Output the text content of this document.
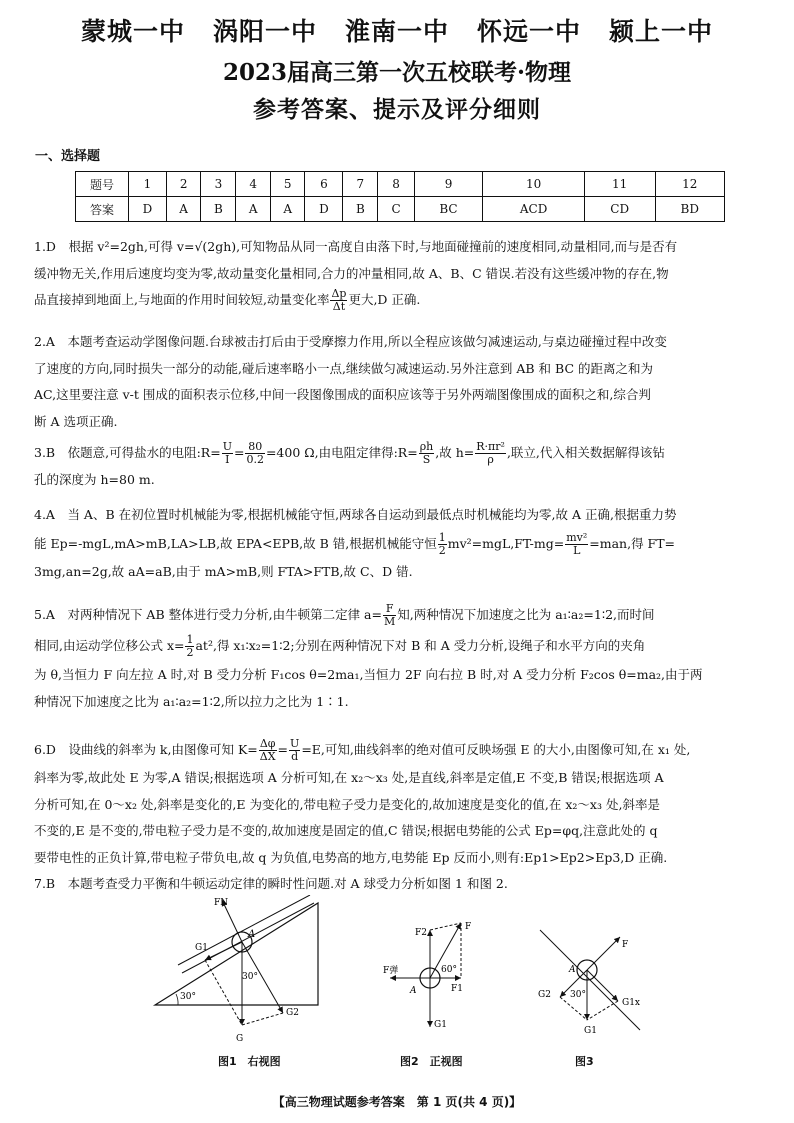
蒙城一中 涡阳一中 淮南一中 怀远一中 颍上一中
2023届高三第一次五校联考·物理
参考答案、提示及评分细则
一、选择题
题号	1	2	3	4	5	6	7	8	9	10	11	12
答案	D	A	B	A	A	D	B	C	BC	ACD	CD	BD
1.D　根据 v²=2gh,可得 v=√(2gh),可知物品从同一高度自由落下时,与地面碰撞前的速度相同,动量相同,而与是否有
缓冲物无关,作用后速度均变为零,故动量变化量相同,合力的冲量相同,故 A、B、C 错误.若没有这些缓冲物的存在,物
品直接掉到地面上,与地面的作用时间较短,动量变化率 $\frac{\Delta p}{\Delta t}$ 更大,D 正确.
2.A　本题考查运动学图像问题.台球被击打后由于受摩擦力作用,所以全程应该做匀减速运动,与桌边碰撞过程中改变
了速度的方向,同时损失一部分的动能,碰后速率略小一点,继续做匀减速运动.另外注意到 AB 和 BC 的距离之和为
AC,这里要注意 v-t 围成的面积表示位移,中间一段图像围成的面积应该等于另外两端图像围成的面积之和,综合判
断 A 选项正确.
3.B　依题意,可得盐水的电阻:R= $\frac{U}{I} = \frac{80}{0.2} =400$ Ω,由电阻定律得:R= $\frac{\rho h}{S}$ ,故 $h= \frac{\text{R·πr²}}{\rho}$ ,联立,代入相关数据解得该钻
孔的深度为 h=80 m.
4.A　当 A、B 在初位置时机械能为零,根据机械能守恒,两球各自运动到最低点时机械能均为零,故 A 正确,根据重力势
能 Ep=-mgL,mA>mB,LA>LB,故 EPA<EPB,故 B 错,根据机械能守恒 $\frac{1}{2} mv^2=mgL,FT-mg= \frac{\text{mv²}}{L} =man$,得 FT=
3mg,an=2g,故 aA=aB,由于 mA>mB,则 FTA>FTB,故 C、D 错.
5.A　对两种情况下 AB 整体进行受力分析,由牛顿第二定律 $a= \frac{F}{M}$ 知,两种情况下加速度之比为 a₁∶a₂=1∶2,而时间
相同,由运动学位移公式 $x= \frac{1}{2} at^2$,得 x₁∶x₂=1∶2;分别在两种情况下对 B 和 A 受力分析,设绳子和水平方向的夹角
为 θ,当恒力 F 向左拉 A 时,对 B 受力分析 F₁cos θ=2ma₁,当恒力 2F 向右拉 B 时,对 A 受力分析 F₂cos θ=ma₂,由于两
种情况下加速度之比为 a₁∶a₂=1∶2,所以拉力之比为 1∶1.
6.D　设曲线的斜率为 k,由图像可知 $K= \frac{\Delta\varphi}{\Delta X} = \frac{U}{d} =E$,可知,曲线斜率的绝对值可反映场强 E 的大小,由图像可知,在 x₁ 处,
斜率为零,故此处 E 为零,A 错误;根据选项 A 分析可知,在 x₂～x₃ 处,是直线,斜率是定值,E 不变,B 错误;根据选项 A
分析可知,在 0～x₂ 处,斜率是变化的,E 为变化的,带电粒子受力是变化的,故加速度是变化的值,在 x₂～x₃ 处,斜率是
不变的,E 是不变的,带电粒子受力是不变的,故加速度是固定的值,C 错误;根据电势能的公式 Ep=φq,注意此处的 q
要带电性的正负计算,带电粒子带负电,故 q 为负值,电势高的地方,电势能 Ep 反而小,则有:Ep1>Ep2>Ep3,D 正确.
7.B　本题考查受力平衡和牛顿运动定律的瞬时性问题.对 A 球受力分析如图 1 和图 2.
FN
A
G1
30°
30°
G2
G
图1　右视图
F2
F
60°
F弹
F1
A
G1
图2　正视图
F
A
30°
G2
G1x
G1
图3
【高三物理试题参考答案　第 1 页(共 4 页)】
